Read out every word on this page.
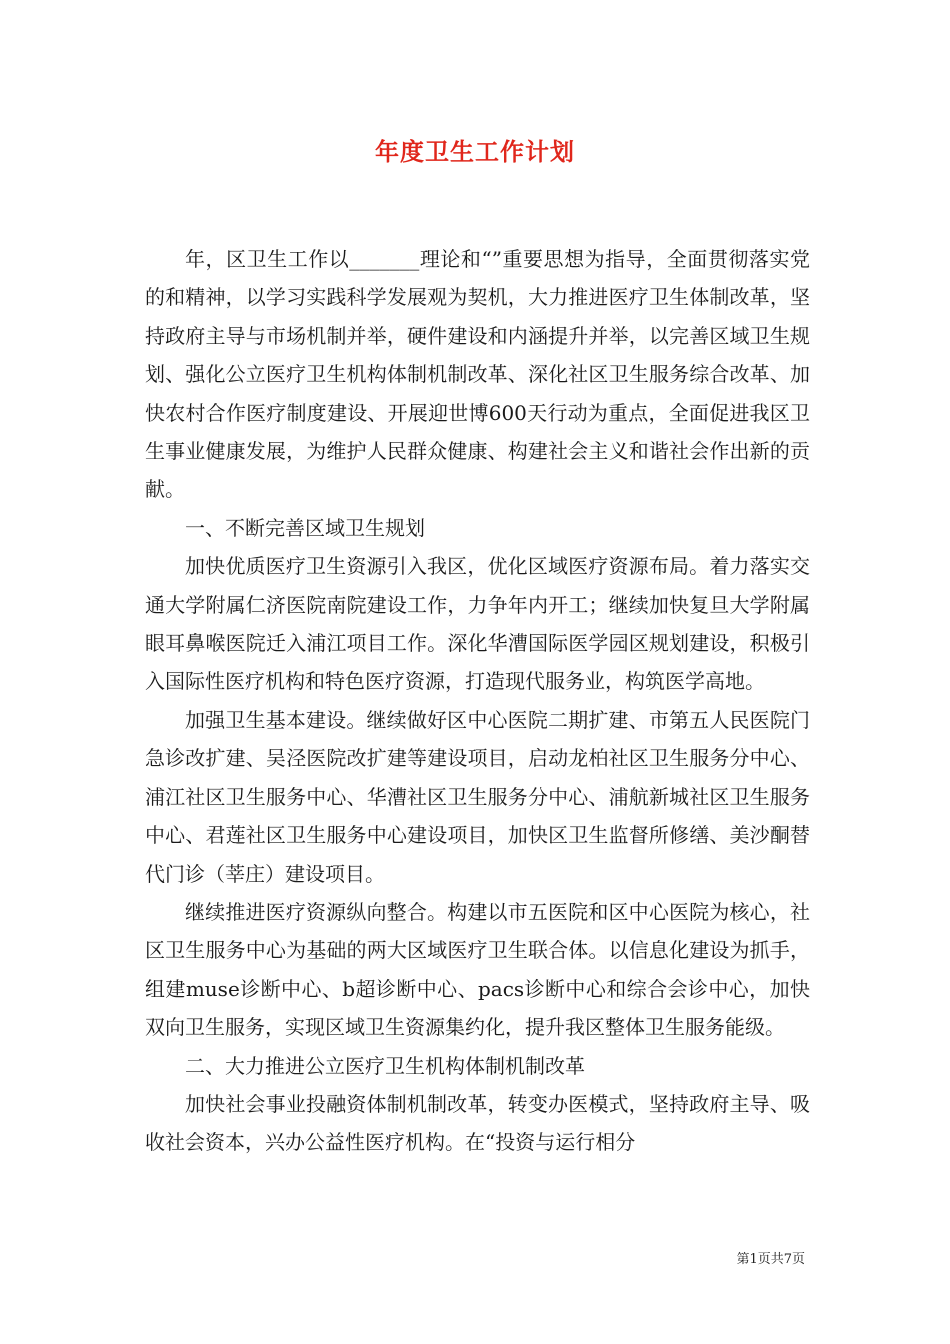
年度卫生工作计划

年，区卫生工作以_______理论和“”重要思想为指导，全面贯彻落实党的和精神，以学习实践科学发展观为契机，大力推进医疗卫生体制改革，坚持政府主导与市场机制并举，硬件建设和内涵提升并举，以完善区域卫生规划、强化公立医疗卫生机构体制机制改革、深化社区卫生服务综合改革、加快农村合作医疗制度建设、开展迎世博600天行动为重点，全面促进我区卫生事业健康发展，为维护人民群众健康、构建社会主义和谐社会作出新的贡献。

一、不断完善区域卫生规划

加快优质医疗卫生资源引入我区，优化区域医疗资源布局。着力落实交通大学附属仁济医院南院建设工作，力争年内开工；继续加快复旦大学附属眼耳鼻喉医院迁入浦江项目工作。深化华漕国际医学园区规划建设，积极引入国际性医疗机构和特色医疗资源，打造现代服务业，构筑医学高地。

加强卫生基本建设。继续做好区中心医院二期扩建、市第五人民医院门急诊改扩建、吴泾医院改扩建等建设项目，启动龙柏社区卫生服务分中心、浦江社区卫生服务中心、华漕社区卫生服务分中心、浦航新城社区卫生服务中心、君莲社区卫生服务中心建设项目，加快区卫生监督所修缮、美沙酮替代门诊（莘庄）建设项目。

继续推进医疗资源纵向整合。构建以市五医院和区中心医院为核心，社区卫生服务中心为基础的两大区域医疗卫生联合体。以信息化建设为抓手，组建muse诊断中心、b超诊断中心、pacs诊断中心和综合会诊中心，加快双向卫生服务，实现区域卫生资源集约化，提升我区整体卫生服务能级。

二、大力推进公立医疗卫生机构体制机制改革

加快社会事业投融资体制机制改革，转变办医模式，坚持政府主导、吸收社会资本，兴办公益性医疗机构。在“投资与运行相分

第1页共7页
